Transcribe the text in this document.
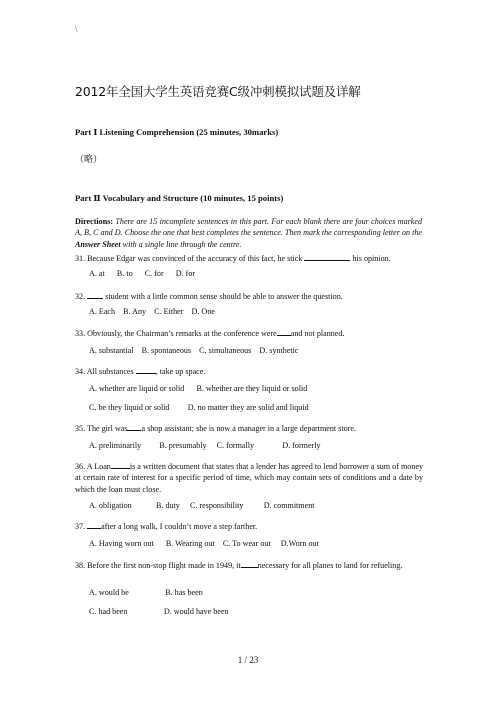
\
2012年全国大学生英语竞赛C级冲刺模拟试题及详解
Part Ⅰ Listening Comprehension (25 minutes, 30marks)
（略）
Part Ⅱ Vocabulary and Structure (10 minutes, 15 points)
Directions: There are 15 incomplete sentences in this part. For each blank there are four choices marked A, B, C and D. Choose the one that best completes the sentence. Then mark the corresponding letter on the Answer Sheet with a single line through the centre.
31. Because Edgar was convinced of the accuracy of this fact, he stick	his opinion.
A. at      B. to      C. for      D. for
32.  student with a little common sense should be able to answer the question.
A. Each    B. Any    C. Either    D. One
33. Obviously, the Chairman’s remarks at the conference were and not planned.
A. substantial    B. spontaneous    C. simultaneous    D. synthetic
34. All substances , take up space.
A. whether are liquid or solid      B. whether are they liquid or solid
C. be they liquid or solid         D. no matter they are solid and liquid
35. The girl was a shop assistant; she is now a manager in a large department store.
A. preliminarily         B. presumably     C. formally              D. formerly
36. A Loan is a written document that states that a lender has agreed to lend borrower a sum of money at certain rate of interest for a specific period of time, which may contain sets of conditions and a date by which the loan must close.
A. obligation            B. duty     C. responsibility          D. commitment
37. after a long walk, I couldn’t move a step farther.
A. Having worn out      B. Wearing out    C. To wear out     D.Worn out
38. Before the first non-stop flight made in 1949, it necessary for all planes to land for refueling.
A. would be                  B. has been
C. had been                  D. would have been
1 / 23
